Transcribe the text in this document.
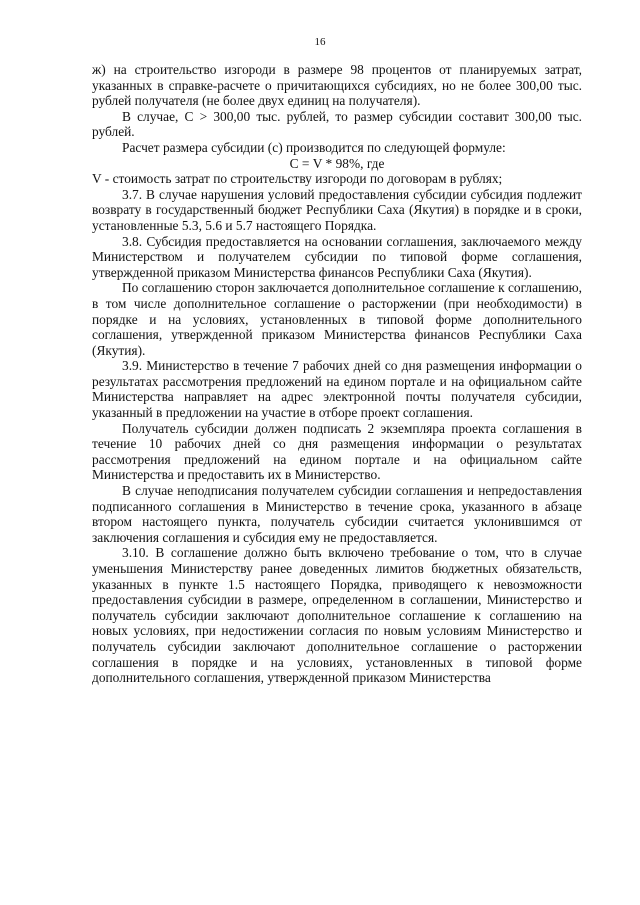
16

ж) на строительство изгороди в размере 98 процентов от планируемых затрат, указанных в справке-расчете о причитающихся субсидиях, но не более 300,00 тыс. рублей получателя (не более двух единиц на получателя).

В случае, С > 300,00 тыс. рублей, то размер субсидии составит 300,00 тыс. рублей.

Расчет размера субсидии (с) производится по следующей формуле:

С = V * 98%, где

V - стоимость затрат по строительству изгороди по договорам в рублях;

3.7. В случае нарушения условий предоставления субсидии субсидия подлежит возврату в государственный бюджет Республики Саха (Якутия) в порядке и в сроки, установленные 5.3, 5.6 и 5.7 настоящего Порядка.

3.8. Субсидия предоставляется на основании соглашения, заключаемого между Министерством и получателем субсидии по типовой форме соглашения, утвержденной приказом Министерства финансов Республики Саха (Якутия).

По соглашению сторон заключается дополнительное соглашение к соглашению, в том числе дополнительное соглашение о расторжении (при необходимости) в порядке и на условиях, установленных в типовой форме дополнительного соглашения, утвержденной приказом Министерства финансов Республики Саха (Якутия).

3.9. Министерство в течение 7 рабочих дней со дня размещения информации о результатах рассмотрения предложений на едином портале и на официальном сайте Министерства направляет на адрес электронной почты получателя субсидии, указанный в предложении на участие в отборе проект соглашения.

Получатель субсидии должен подписать 2 экземпляра проекта соглашения в течение 10 рабочих дней со дня размещения информации о результатах рассмотрения предложений на едином портале и на официальном сайте Министерства и предоставить их в Министерство.

В случае неподписания получателем субсидии соглашения и непредоставления подписанного соглашения в Министерство в течение срока, указанного в абзаце втором настоящего пункта, получатель субсидии считается уклонившимся от заключения соглашения и субсидия ему не предоставляется.

3.10. В соглашение должно быть включено требование о том, что в случае уменьшения Министерству ранее доведенных лимитов бюджетных обязательств, указанных в пункте 1.5 настоящего Порядка, приводящего к невозможности предоставления субсидии в размере, определенном в соглашении, Министерство и получатель субсидии заключают дополнительное соглашение к соглашению на новых условиях, при недостижении согласия по новым условиям Министерство и получатель субсидии заключают дополнительное соглашение о расторжении соглашения в порядке и на условиях, установленных в типовой форме дополнительного соглашения, утвержденной приказом Министерства
